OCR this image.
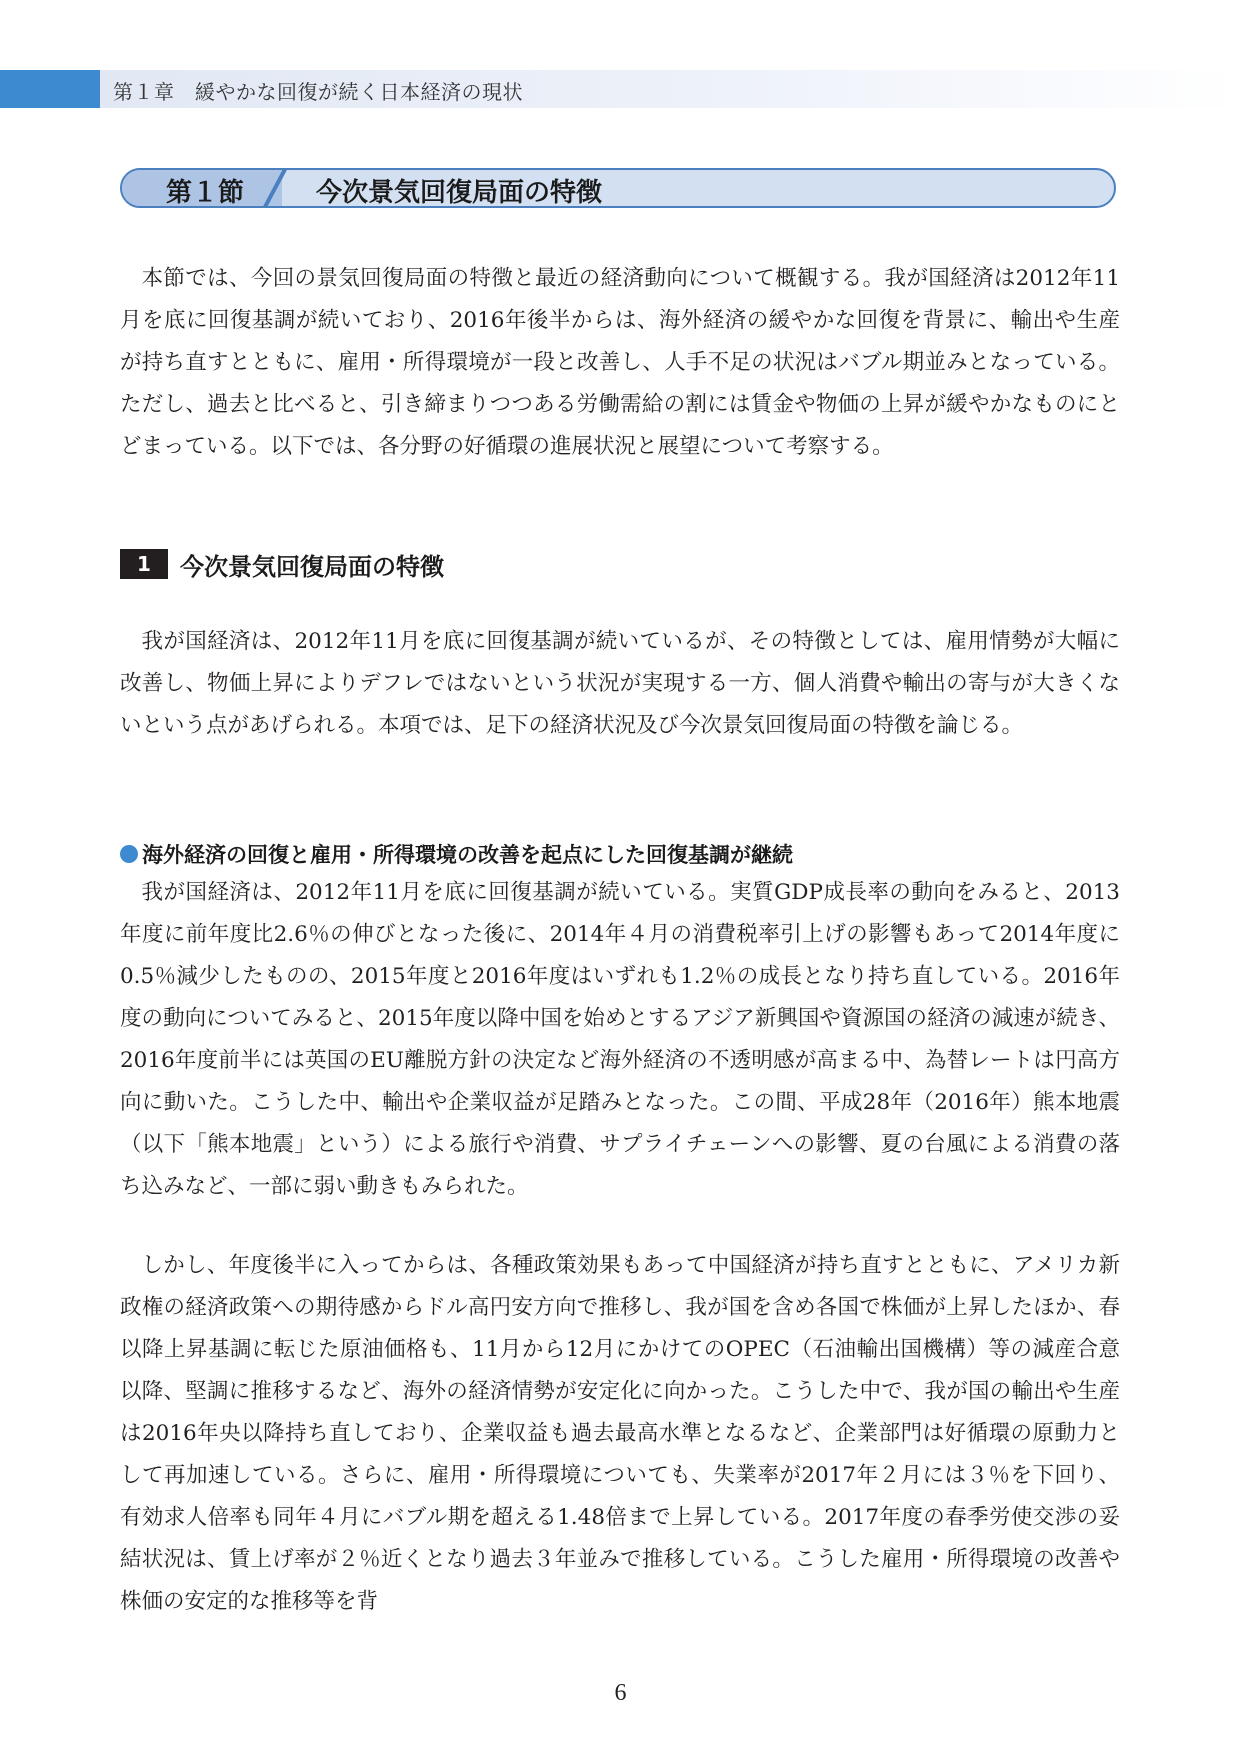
第１章　緩やかな回復が続く日本経済の現状
第１節	今次景気回復局面の特徴

本節では、今回の景気回復局面の特徴と最近の経済動向について概観する。我が国経済は2012年11月を底に回復基調が続いており、2016年後半からは、海外経済の緩やかな回復を背景に、輸出や生産が持ち直すとともに、雇用・所得環境が一段と改善し、人手不足の状況はバブル期並みとなっている。ただし、過去と比べると、引き締まりつつある労働需給の割には賃金や物価の上昇が緩やかなものにとどまっている。以下では、各分野の好循環の進展状況と展望について考察する。

1	今次景気回復局面の特徴

我が国経済は、2012年11月を底に回復基調が続いているが、その特徴としては、雇用情勢が大幅に改善し、物価上昇によりデフレではないという状況が実現する一方、個人消費や輸出の寄与が大きくないという点があげられる。本項では、足下の経済状況及び今次景気回復局面の特徴を論じる。

海外経済の回復と雇用・所得環境の改善を起点にした回復基調が継続

我が国経済は、2012年11月を底に回復基調が続いている。実質GDP成長率の動向をみると、2013年度に前年度比2.6％の伸びとなった後に、2014年４月の消費税率引上げの影響もあって2014年度に0.5％減少したものの、2015年度と2016年度はいずれも1.2％の成長となり持ち直している。2016年度の動向についてみると、2015年度以降中国を始めとするアジア新興国や資源国の経済の減速が続き、2016年度前半には英国のEU離脱方針の決定など海外経済の不透明感が高まる中、為替レートは円高方向に動いた。こうした中、輸出や企業収益が足踏みとなった。この間、平成28年（2016年）熊本地震（以下「熊本地震」という）による旅行や消費、サプライチェーンへの影響、夏の台風による消費の落ち込みなど、一部に弱い動きもみられた。

しかし、年度後半に入ってからは、各種政策効果もあって中国経済が持ち直すとともに、アメリカ新政権の経済政策への期待感からドル高円安方向で推移し、我が国を含め各国で株価が上昇したほか、春以降上昇基調に転じた原油価格も、11月から12月にかけてのOPEC（石油輸出国機構）等の減産合意以降、堅調に推移するなど、海外の経済情勢が安定化に向かった。こうした中で、我が国の輸出や生産は2016年央以降持ち直しており、企業収益も過去最高水準となるなど、企業部門は好循環の原動力として再加速している。さらに、雇用・所得環境についても、失業率が2017年２月には３％を下回り、有効求人倍率も同年４月にバブル期を超える1.48倍まで上昇している。2017年度の春季労使交渉の妥結状況は、賃上げ率が２％近くとなり過去３年並みで推移している。こうした雇用・所得環境の改善や株価の安定的な推移等を背

6
